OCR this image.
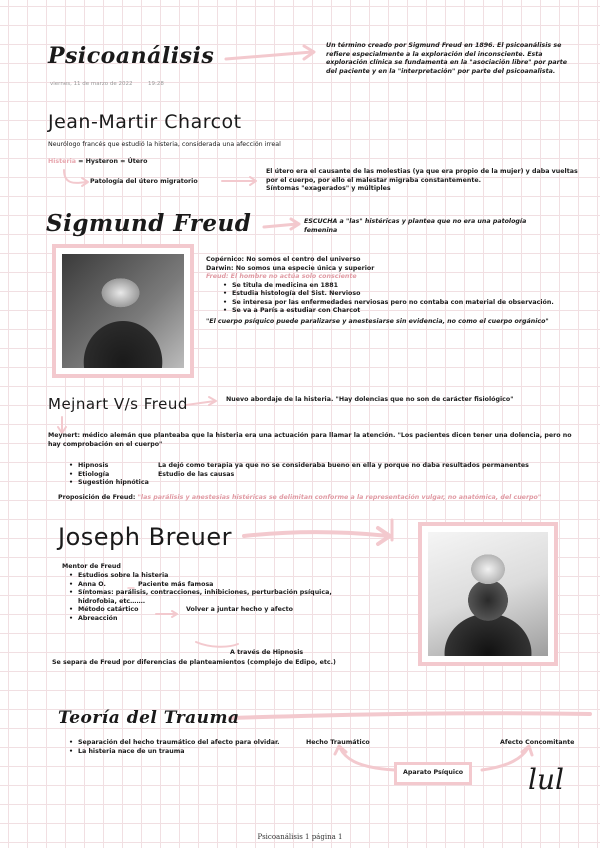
Psicoanálisis
viernes, 11 de marzo de 2022	19:28
Un término creado por Sigmund Freud en 1896. El psicoanálisis se refiere especialmente a la exploración del inconsciente. Esta exploración clínica se fundamenta en la "asociación libre" por parte del paciente y en la "interpretación" por parte del psicoanalista.
Jean-Martir Charcot
Neurólogo francés que estudió la histeria, considerada una afección irreal
Histeria = Hysteron = Útero
Patología del útero migratorio
El útero era el causante de las molestias (ya que era propio de la mujer) y daba vueltas por el cuerpo, por ello el malestar migraba constantemente.
Síntomas "exagerados" y múltiples
Sigmund Freud	ESCUCHA a "las" histéricas y plantea que no era una patología femenina
Copérnico: No somos el centro del universo
Darwin: No somos una especie única y superior
Freud: El hombre no actúa solo consciente
• Se titula de medicina en 1881
• Estudia histología del Sist. Nervioso
• Se interesa por las enfermedades nerviosas pero no contaba con material de observación.
• Se va a París a estudiar con Charcot
"El cuerpo psíquico puede paralizarse y anestesiarse sin evidencia, no como el cuerpo orgánico"
Mejnart V/s Freud	Nuevo abordaje de la histeria. "Hay dolencias que no son de carácter fisiológico"
Meynert: médico alemán que planteaba que la histeria era una actuación para llamar la atención. "Los pacientes dicen tener una dolencia, pero no hay comprobación en el cuerpo"
• Hipnosis	La dejó como terapia ya que no se consideraba bueno en ella y porque no daba resultados permanentes
• Etiología	Estudio de las causas
• Sugestión hipnótica
Proposición de Freud: "las parálisis y anestesias histéricas se delimitan conforme a la representación vulgar, no anatómica, del cuerpo"
Joseph Breuer
Mentor de Freud
• Estudios sobre la histeria
• Anna O.	Paciente más famosa
• Síntomas: parálisis, contracciones, inhibiciones, perturbación psíquica, hidrofobia, etc…….
• Método catártico	Volver a juntar hecho y afecto
• Abreacción
A través de Hipnosis
Se separa de Freud por diferencias de planteamientos (complejo de Edipo, etc.)
Teoría del Trauma
• Separación del hecho traumático del afecto para olvidar.
• La histeria nace de un trauma
Hecho Traumático	Afecto Concomitante
Aparato Psíquico	lul
Psicoanálisis 1 página 1
